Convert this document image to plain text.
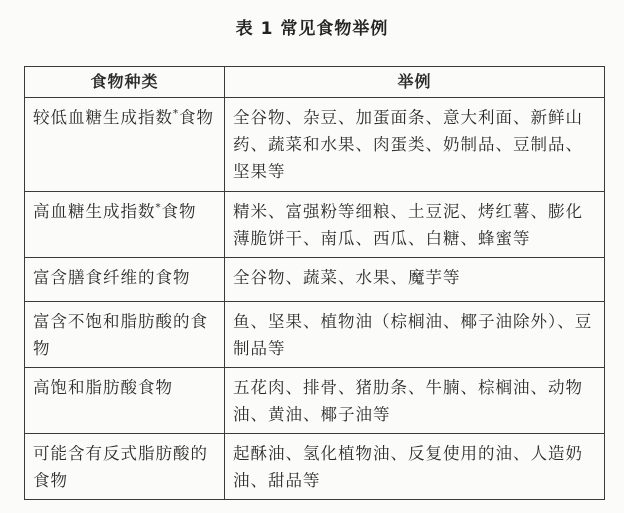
表 1 常见食物举例
食物种类	举例
较低血糖生成指数*食物	全谷物、杂豆、加蛋面条、意大利面、新鲜山药、蔬菜和水果、肉蛋类、奶制品、豆制品、坚果等
高血糖生成指数*食物	精米、富强粉等细粮、土豆泥、烤红薯、膨化薄脆饼干、南瓜、西瓜、白糖、蜂蜜等
富含膳食纤维的食物	全谷物、蔬菜、水果、魔芋等
富含不饱和脂肪酸的食物	鱼、坚果、植物油（棕榈油、椰子油除外）、豆制品等
高饱和脂肪酸食物	五花肉、排骨、猪肋条、牛腩、棕榈油、动物油、黄油、椰子油等
可能含有反式脂肪酸的食物	起酥油、氢化植物油、反复使用的油、人造奶油、甜品等
